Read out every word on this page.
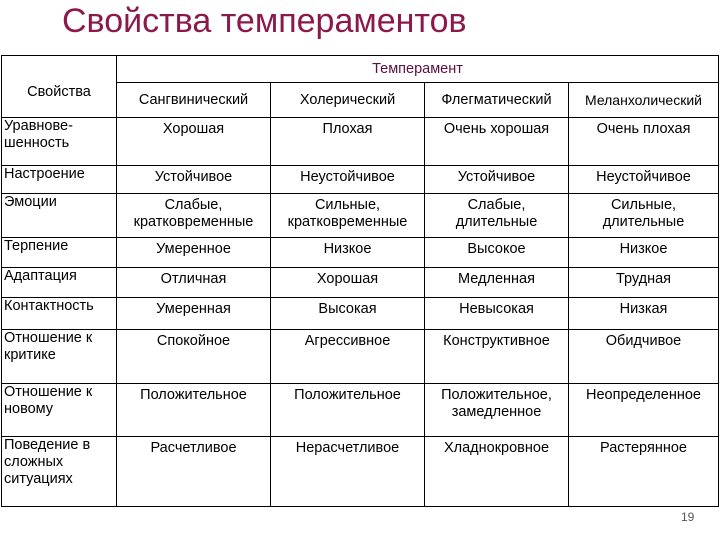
Свойства темпераментов
Свойства	Темперамент			
	Сангвинический	Холерический	Флегматический	Меланхолический
Уравнове-шенность	Хорошая	Плохая	Очень хорошая	Очень плохая
Настроение	Устойчивое	Неустойчивое	Устойчивое	Неустойчивое
Эмоции	Слабые, кратковременные	Сильные, кратковременные	Слабые, длительные	Сильные, длительные
Терпение	Умеренное	Низкое	Высокое	Низкое
Адаптация	Отличная	Хорошая	Медленная	Трудная
Контактность	Умеренная	Высокая	Невысокая	Низкая
Отношение к критике	Спокойное	Агрессивное	Конструктивное	Обидчивое
Отношение к новому	Положительное	Положительное	Положительное, замедленное	Неопределенное
Поведение в сложных ситуациях	Расчетливое	Нерасчетливое	Хладнокровное	Растерянное
19
